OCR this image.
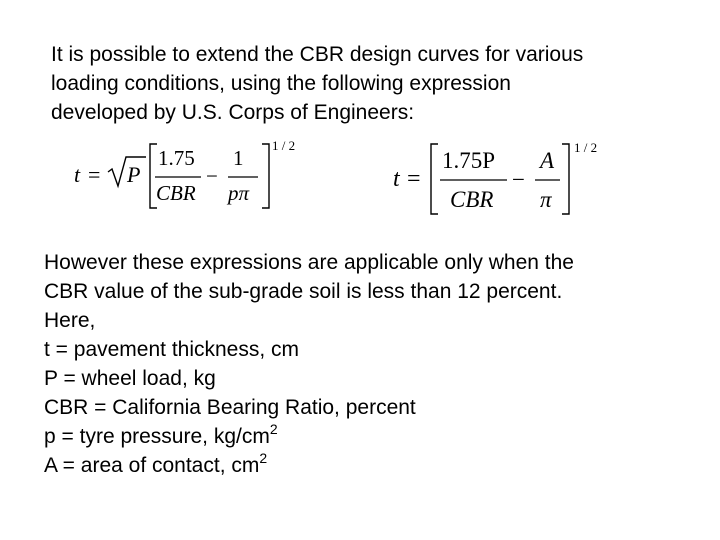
It is possible to extend the CBR design curves for various
loading conditions, using the following expression
developed by U.S. Corps of Engineers:
t = P
1.75
CBR
−
1
pπ
1 / 2
t =
1.75P
CBR
−
A
π
1 / 2
However these expressions are applicable only when the
CBR value of the sub-grade soil is less than 12 percent.
Here,
t = pavement thickness, cm
P = wheel load, kg
CBR = California Bearing Ratio, percent
p = tyre pressure, $kg/cm^2$
A = area of contact, $cm^2$
